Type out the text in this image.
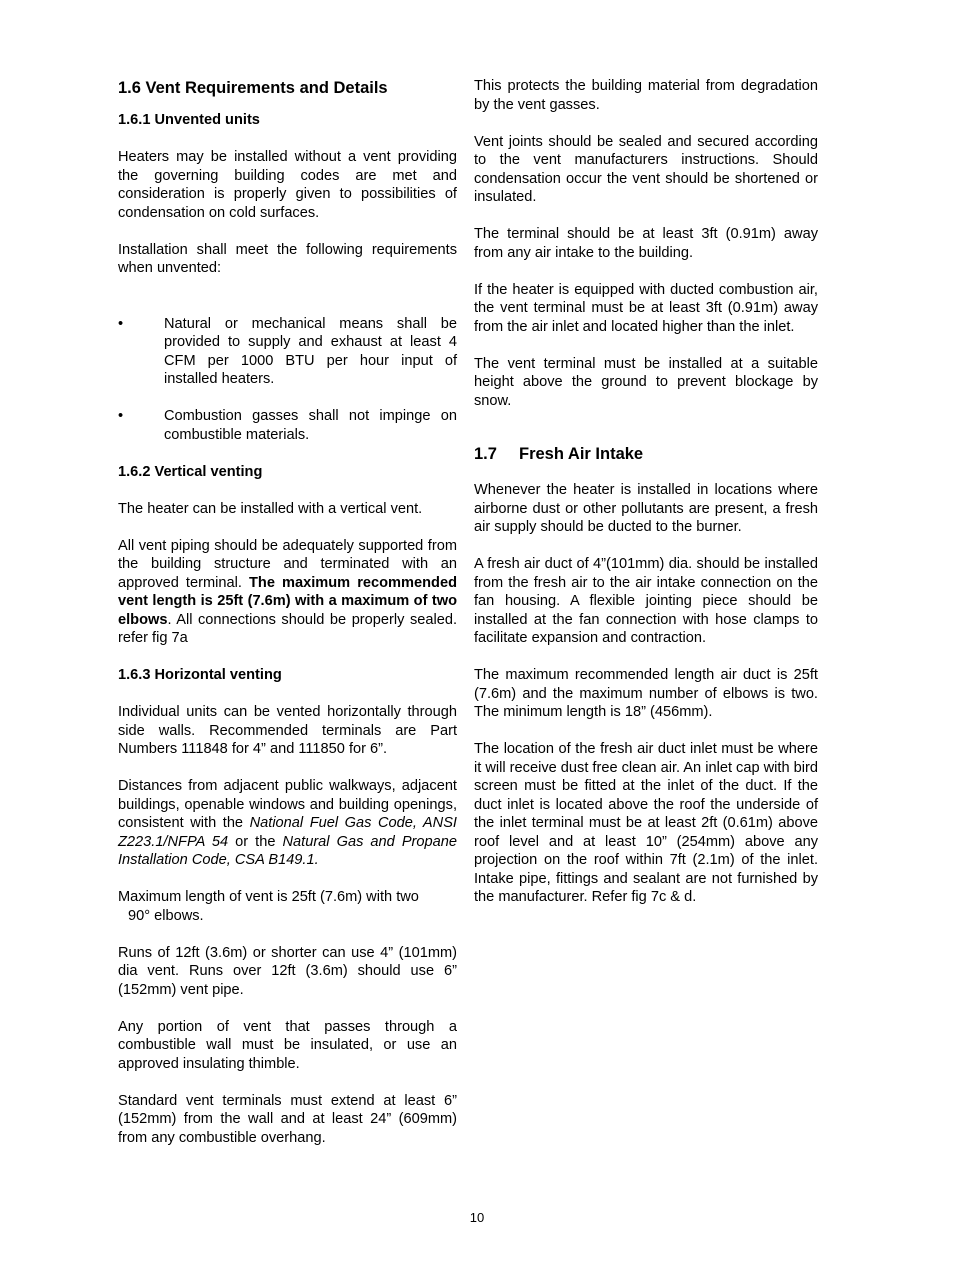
1.6 Vent Requirements and Details
1.6.1 Unvented units

Heaters may be installed without a vent providing the governing building codes are met and consideration is properly given to possibilities of condensation on cold surfaces.

Installation shall meet the following requirements when unvented:

•	Natural or mechanical means shall be provided to supply and exhaust at least 4 CFM per 1000 BTU per hour input of installed heaters.
•	Combustion gasses shall not impinge on combustible materials.
1.6.2 Vertical venting

The heater can be installed with a vertical vent.

All vent piping should be adequately supported from the building structure and terminated with an approved terminal. The maximum recommended vent length is 25ft (7.6m) with a maximum of two elbows. All connections should be properly sealed. refer fig 7a

1.6.3 Horizontal venting

Individual units can be vented horizontally through side walls. Recommended terminals are Part Numbers 111848 for 4” and 111850 for 6”.

Distances from adjacent public walkways, adjacent buildings, openable windows and building openings, consistent with the National Fuel Gas Code, ANSI Z223.1/NFPA 54 or the Natural Gas and Propane Installation Code, CSA B149.1.

Maximum length of vent is 25ft (7.6m) with two
90° elbows.

Runs of 12ft (3.6m) or shorter can use 4” (101mm) dia vent. Runs over 12ft (3.6m) should use 6” (152mm) vent pipe.

Any portion of vent that passes through a combustible wall must be insulated, or use an approved insulating thimble.

Standard vent terminals must extend at least 6” (152mm) from the wall and at least 24” (609mm) from any combustible overhang.

This protects the building material from degradation by the vent gasses.

Vent joints should be sealed and secured according to the vent manufacturers instructions. Should condensation occur the vent should be shortened or insulated.

The terminal should be at least 3ft (0.91m) away from any air intake to the building.

If the heater is equipped with ducted combustion air, the vent terminal must be at least 3ft (0.91m) away from the air inlet and located higher than the inlet.

The vent terminal must be installed at a suitable height above the ground to prevent blockage by snow.

1.7 Fresh Air Intake

Whenever the heater is installed in locations where airborne dust or other pollutants are present, a fresh air supply should be ducted to the burner.

A fresh air duct of 4”(101mm) dia. should be installed from the fresh air to the air intake connection on the fan housing. A flexible jointing piece should be installed at the fan connection with hose clamps to facilitate expansion and contraction.

The maximum recommended length air duct is 25ft (7.6m) and the maximum number of elbows is two. The minimum length is 18” (456mm).

The location of the fresh air duct inlet must be where it will receive dust free clean air. An inlet cap with bird screen must be fitted at the inlet of the duct. If the duct inlet is located above the roof the underside of the inlet terminal must be at least 2ft (0.61m) above roof level and at least 10” (254mm) above any projection on the roof within 7ft (2.1m) of the inlet. Intake pipe, fittings and sealant are not furnished by the manufacturer. Refer fig 7c & d.

10
